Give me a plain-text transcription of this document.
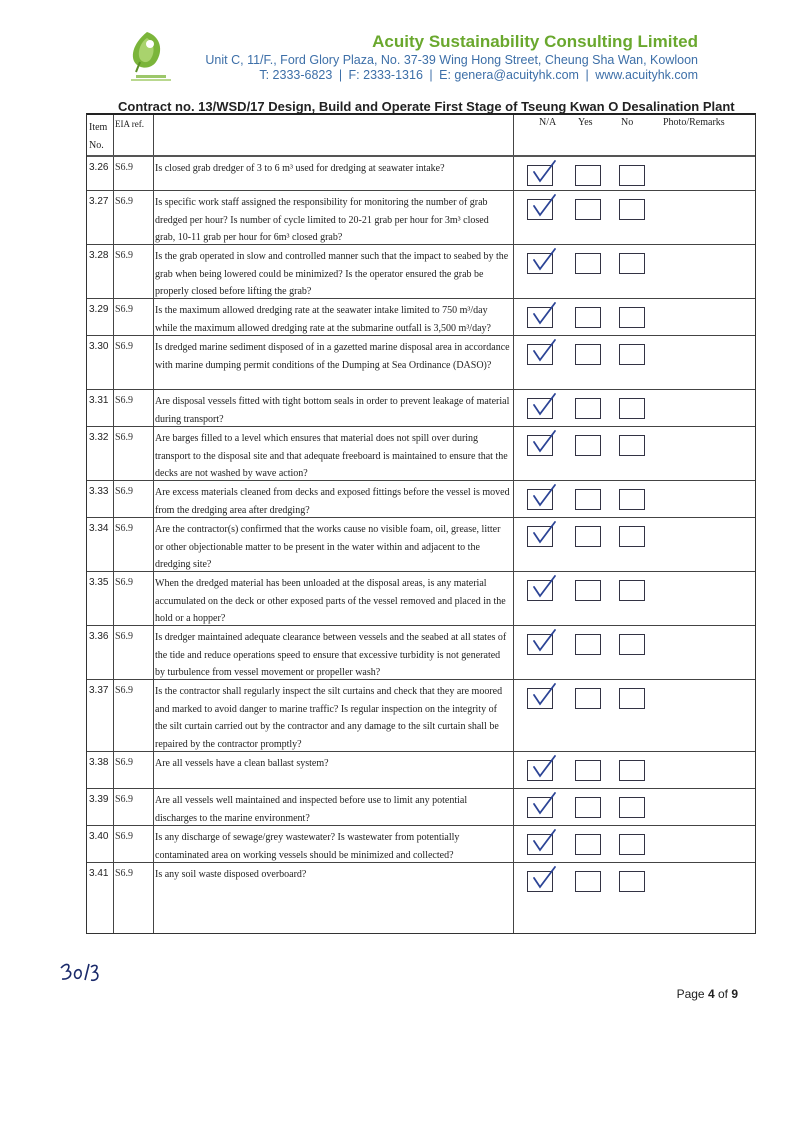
Acuity Sustainability Consulting Limited
Unit C, 11/F., Ford Glory Plaza, No. 37-39 Wing Hong Street, Cheung Sha Wan, Kowloon
T: 2333-6823 | F: 2333-1316 | E: genera@acuityhk.com | www.acuityhk.com
Contract no. 13/WSD/17 Design, Build and Operate First Stage of Tseung Kwan O Desalination Plant
Item No.
EIA ref.	N/A Yes	No	Photo/Remarks
3.26 S6.9 Is closed grab dredger of 3 to 6 m³ used for dredging at seawater intake?
3.27 S6.9 Is specific work staff assigned the responsibility for monitoring the number of grab dredged per hour? Is number of cycle limited to 20-21 grab per hour for 3m³ closed grab, 10-11 grab per hour for 6m³ closed grab?
3.28 S6.9 Is the grab operated in slow and controlled manner such that the impact to seabed by the grab when being lowered could be minimized? Is the operator ensured the grab be properly closed before lifting the grab?
3.29 S6.9 Is the maximum allowed dredging rate at the seawater intake limited to 750 m³/day while the maximum allowed dredging rate at the submarine outfall is 3,500 m³/day?
3.30 S6.9 Is dredged marine sediment disposed of in a gazetted marine disposal area in accordance with marine dumping permit conditions of the Dumping at Sea Ordinance (DASO)?
3.31 S6.9 Are disposal vessels fitted with tight bottom seals in order to prevent leakage of material during transport?
3.32 S6.9 Are barges filled to a level which ensures that material does not spill over during transport to the disposal site and that adequate freeboard is maintained to ensure that the decks are not washed by wave action?
3.33 S6.9 Are excess materials cleaned from decks and exposed fittings before the vessel is moved from the dredging area after dredging?
3.34 S6.9 Are the contractor(s) confirmed that the works cause no visible foam, oil, grease, litter or other objectionable matter to be present in the water within and adjacent to the dredging site?
3.35 S6.9 When the dredged material has been unloaded at the disposal areas, is any material accumulated on the deck or other exposed parts of the vessel removed and placed in the hold or a hopper?
3.36 S6.9 Is dredger maintained adequate clearance between vessels and the seabed at all states of the tide and reduce operations speed to ensure that excessive turbidity is not generated by turbulence from vessel movement or propeller wash?
3.37 S6.9 Is the contractor shall regularly inspect the silt curtains and check that they are moored and marked to avoid danger to marine traffic? Is regular inspection on the integrity of the silt curtain carried out by the contractor and any damage to the silt curtain shall be repaired by the contractor promptly?
3.38 S6.9 Are all vessels have a clean ballast system?
3.39 S6.9 Are all vessels well maintained and inspected before use to limit any potential discharges to the marine environment?
3.40 S6.9 Is any discharge of sewage/grey wastewater? Is wastewater from potentially contaminated area on working vessels should be minimized and collected?
3.41 S6.9 Is any soil waste disposed overboard?
Page 4 of 9
